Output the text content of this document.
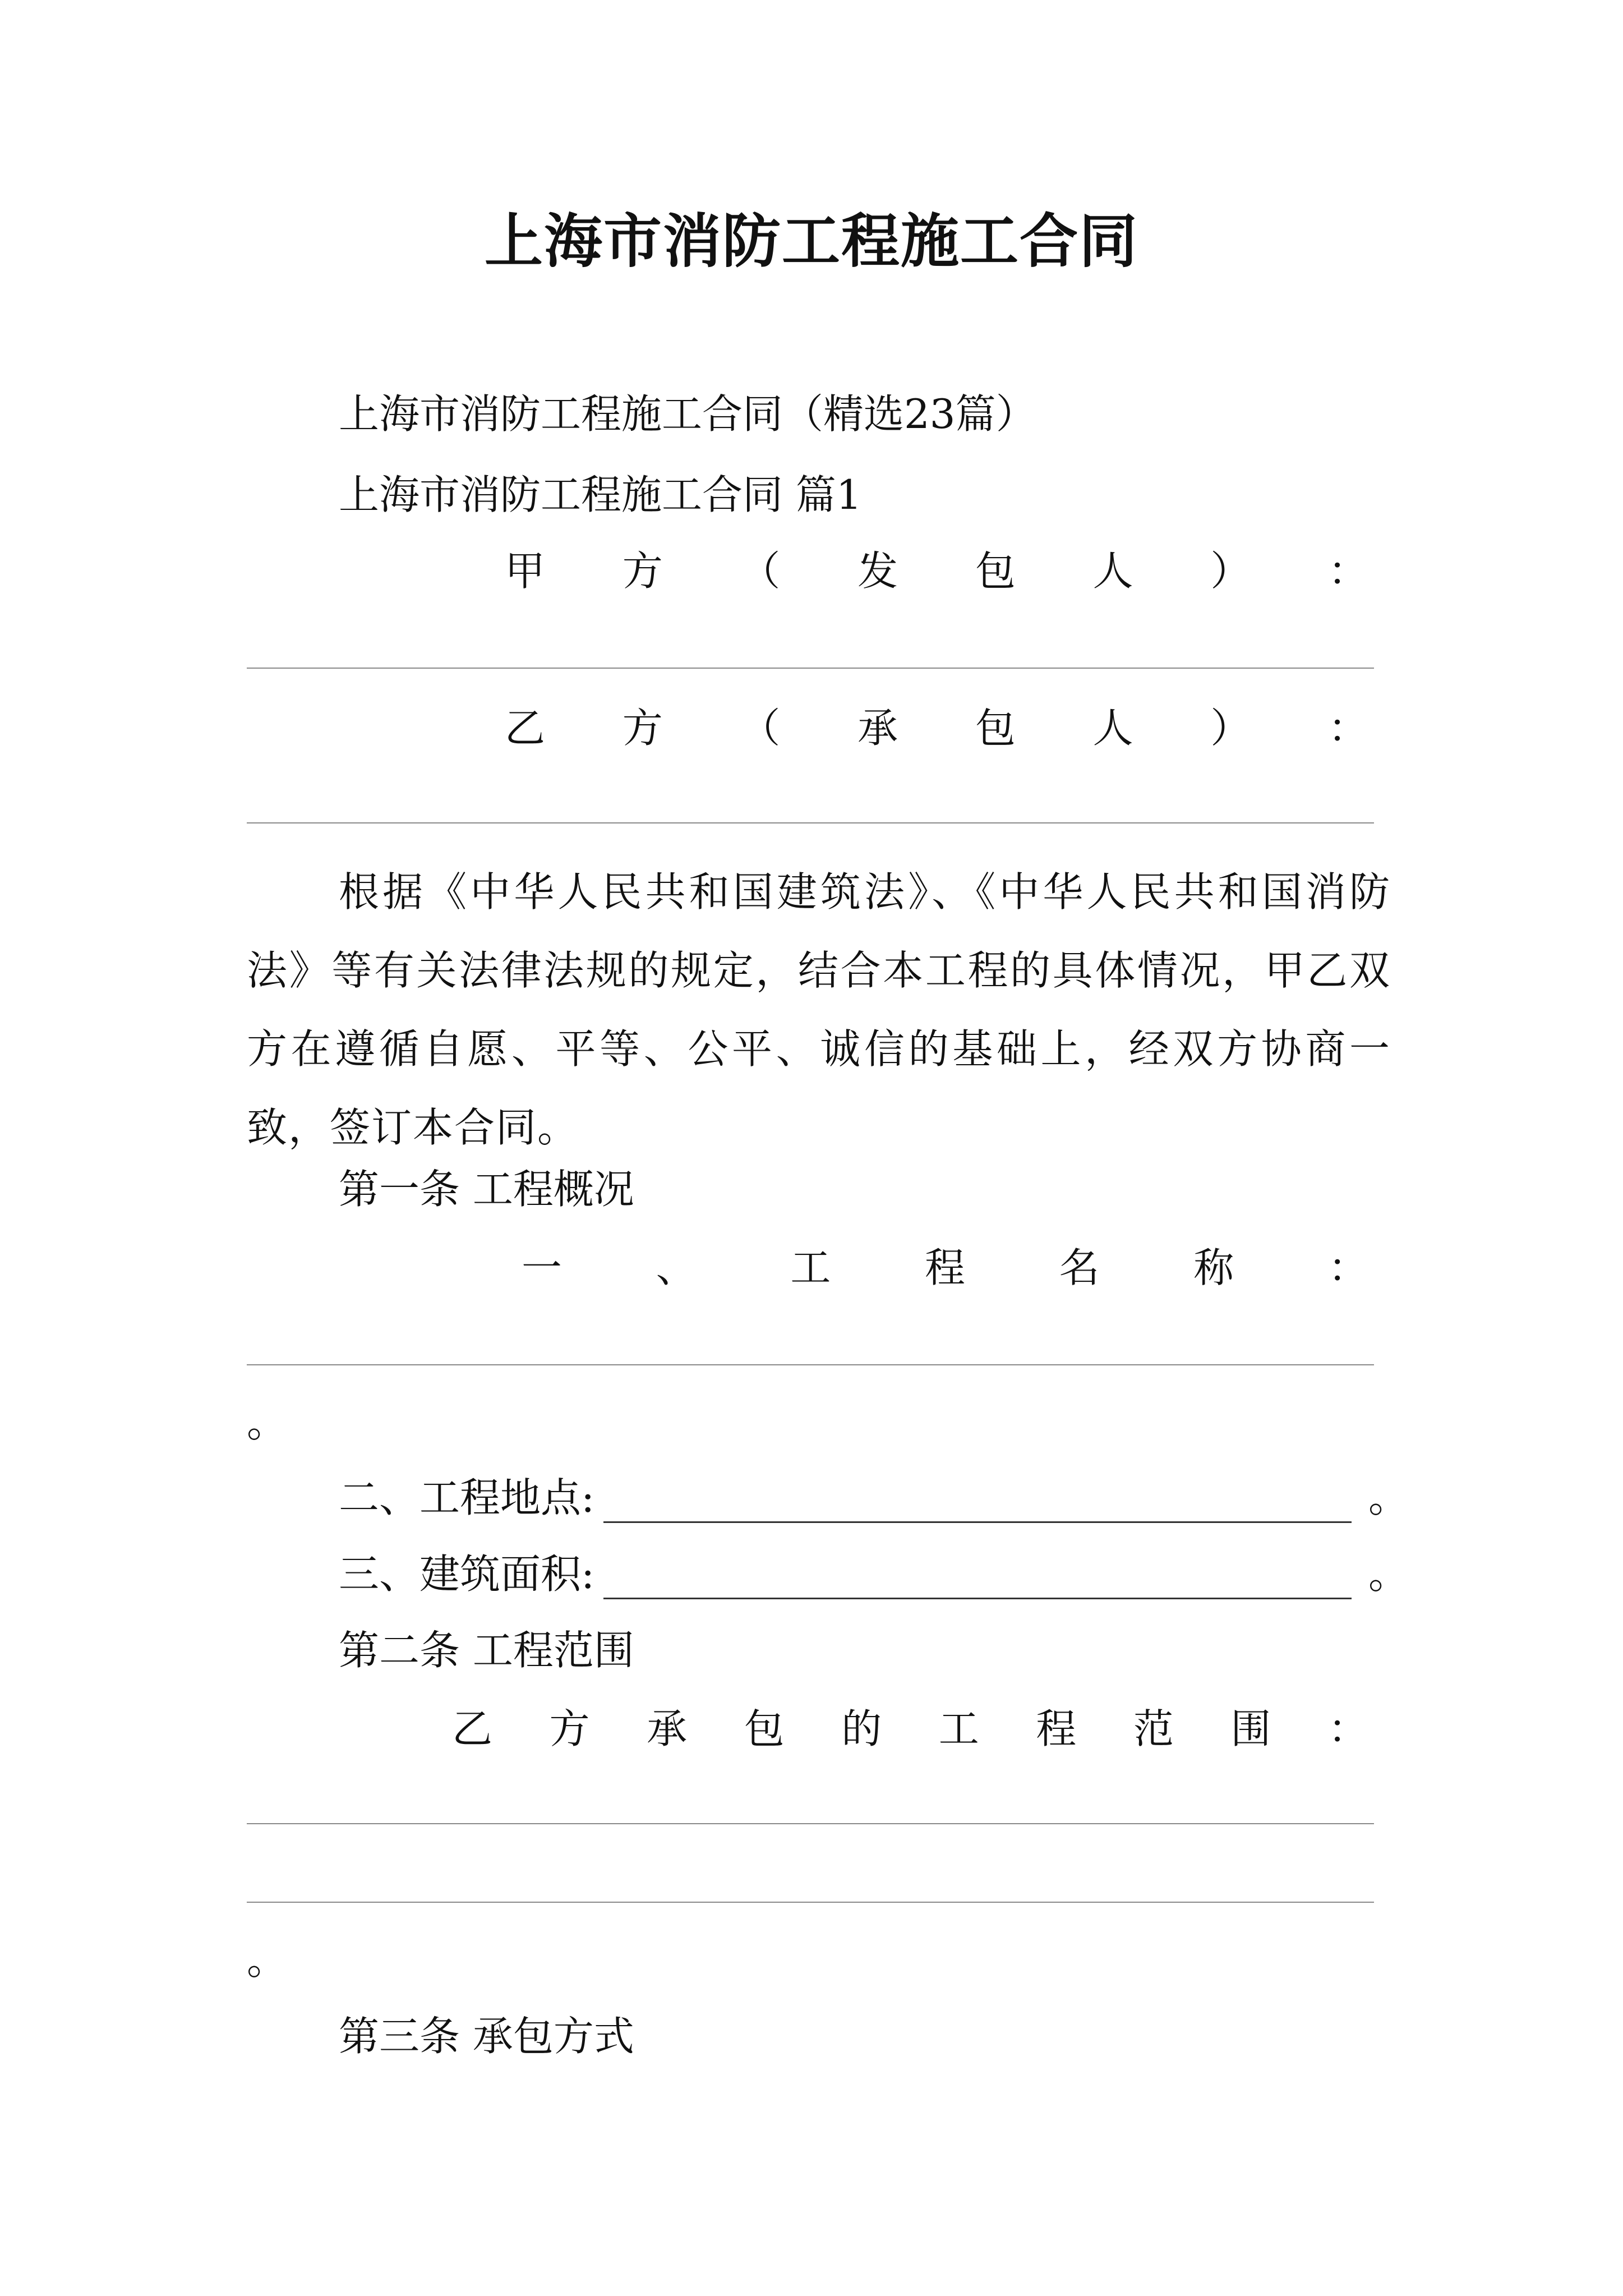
上海市消防工程施工合同
上海市消防工程施工合同（精选23篇）
上海市消防工程施工合同 篇1
甲 方 （ 发 包 人 ） ：
乙 方 （ 承 包 人 ） ：
根据《中华人民共和国建筑法》、《中华人民共和国消防法》等有关法律法规的规定，结合本工程的具体情况，甲乙双方在遵循自愿、平等、公平、诚信的基础上，经双方协商一致，签订本合同。
第一条 工程概况
一 、 工 程 名 称 ：
。
二、工程地点:	。
三、建筑面积:	。
第二条 工程范围
乙 方 承 包 的 工 程 范 围 ：
。
第三条 承包方式
